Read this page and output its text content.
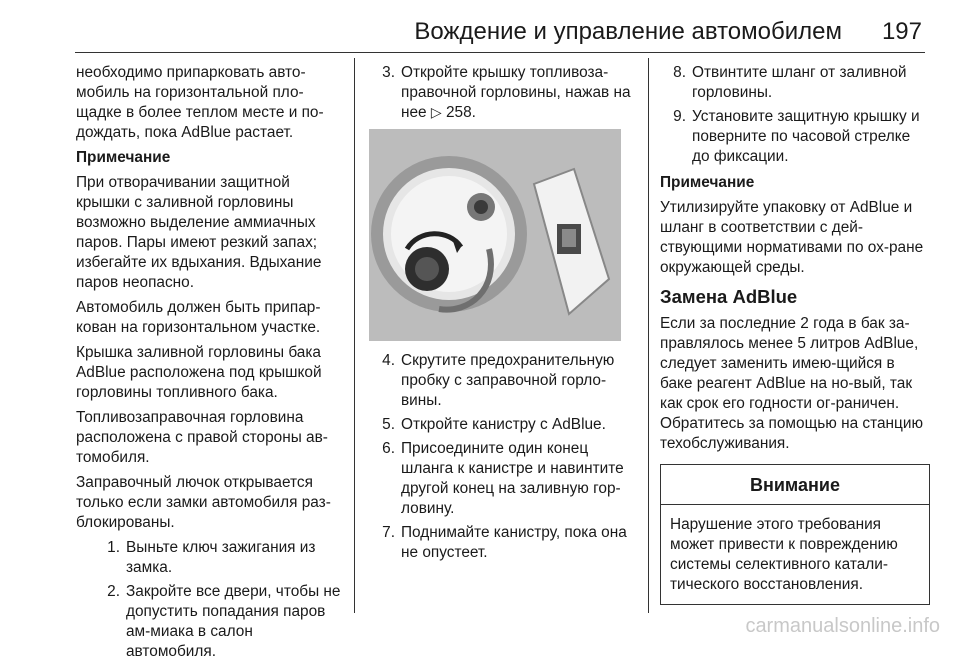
Вождение и управление автомобилем 197

необходимо припарковать авто-мобиль на горизонтальной пло-щадке в более теплом месте и по-дождать, пока AdBlue растает.

Примечание

При отворачивании защитной крышки с заливной горловины возможно выделение аммиачных паров. Пары имеют резкий запах; избегайте их вдыхания. Вдыхание паров неопасно.

Автомобиль должен быть припар-кован на горизонтальном участке.

Крышка заливной горловины бака AdBlue расположена под крышкой горловины топливного бака.

Топливозаправочная горловина расположена с правой стороны ав-томобиля.

Заправочный лючок открывается только если замки автомобиля раз-блокированы.

1. Выньте ключ зажигания из замка.
2. Закройте все двери, чтобы не допустить попадания паров ам-миака в салон автомобиля.
3. Откройте крышку топливоза-правочной горловины, нажав на нее ▷ 258.
4. Скрутите предохранительную пробку с заправочной горло-вины.
5. Откройте канистру с AdBlue.
6. Присоедините один конец шланга к канистре и навинтите другой конец на заливную гор-ловину.
7. Поднимайте канистру, пока она не опустеет.
8. Отвинтите шланг от заливной горловины.
9. Установите защитную крышку и поверните по часовой стрелке до фиксации.

Примечание

Утилизируйте упаковку от AdBlue и шланг в соответствии с дей-ствующими нормативами по ох-ране окружающей среды.

Замена AdBlue

Если за последние 2 года в бак за-правлялось менее 5 литров AdBlue, следует заменить имею-щийся в баке реагент AdBlue на но-вый, так как срок его годности ог-раничен. Обратитесь за помощью на станцию техобслуживания.

Внимание
Нарушение этого требования может привести к повреждению системы селективного катали-тического восстановления.
carmanualsonline.info
